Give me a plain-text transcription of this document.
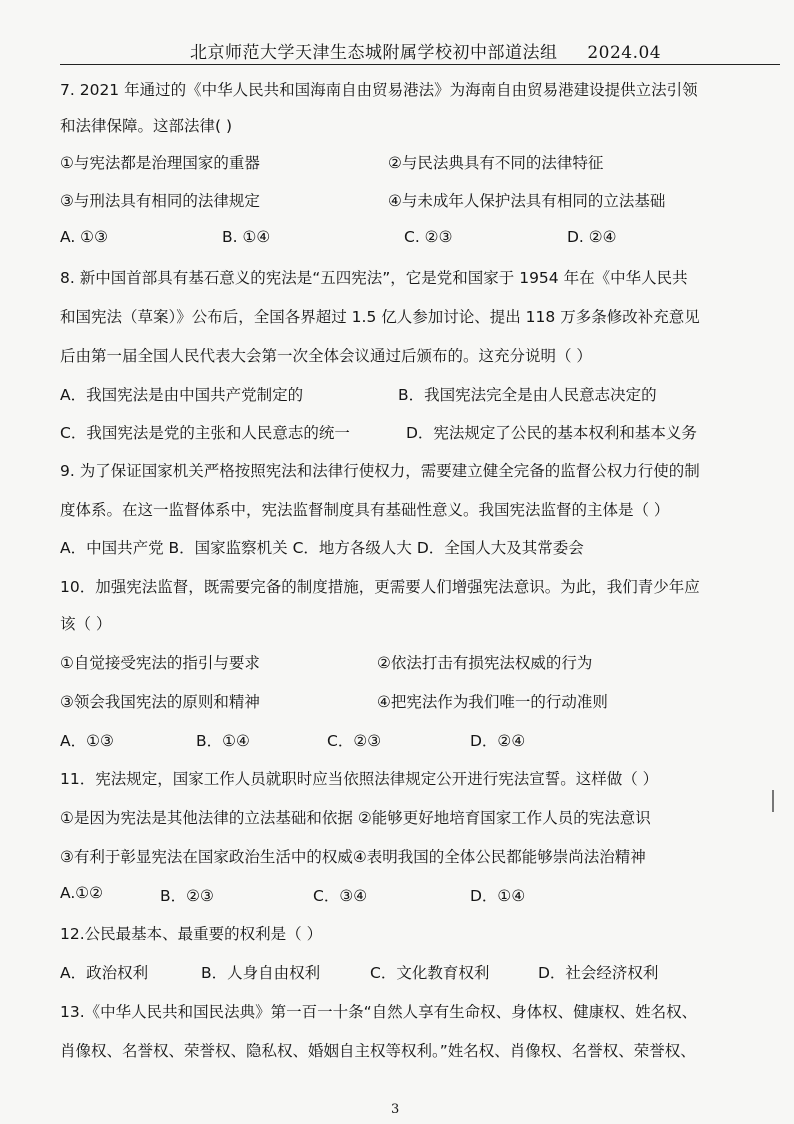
北京师范大学天津生态城附属学校初中部道法组 2024.04
7. 2021 年通过的《中华人民共和国海南自由贸易港法》为海南自由贸易港建设提供立法引领
和法律保障。这部法律( )
①与宪法都是治理国家的重器	②与民法典具有不同的法律特征
③与刑法具有相同的法律规定	④与未成年人保护法具有相同的立法基础
A. ①③	B. ①④	C. ②③	D. ②④
8. 新中国首部具有基石意义的宪法是“五四宪法”，它是党和国家于 1954 年在《中华人民共
和国宪法（草案）》公布后，全国各界超过 1.5 亿人参加讨论、提出 118 万多条修改补充意见
后由第一届全国人民代表大会第一次全体会议通过后颁布的。这充分说明（ ）
A．我国宪法是由中国共产党制定的	B．我国宪法完全是由人民意志决定的
C．我国宪法是党的主张和人民意志的统一	D．宪法规定了公民的基本权利和基本义务
9. 为了保证国家机关严格按照宪法和法律行使权力，需要建立健全完备的监督公权力行使的制
度体系。在这一监督体系中，宪法监督制度具有基础性意义。我国宪法监督的主体是（ ）
A．中国共产党 B．国家监察机关 C．地方各级人大 D．全国人大及其常委会
10．加强宪法监督，既需要完备的制度措施，更需要人们增强宪法意识。为此，我们青少年应
该（ ）
①自觉接受宪法的指引与要求	②依法打击有损宪法权威的行为
③领会我国宪法的原则和精神	④把宪法作为我们唯一的行动准则
A．①③	B．①④	C．②③	D．②④
11．宪法规定，国家工作人员就职时应当依照法律规定公开进行宪法宣誓。这样做（ ）
①是因为宪法是其他法律的立法基础和依据 ②能够更好地培育国家工作人员的宪法意识
③有利于彰显宪法在国家政治生活中的权威④表明我国的全体公民都能够崇尚法治精神
A.①②	B．②③	C．③④	D．①④
12.公民最基本、最重要的权利是（ ）
A．政治权利	B．人身自由权利	C．文化教育权利	D．社会经济权利
13.《中华人民共和国民法典》第一百一十条“自然人享有生命权、身体权、健康权、姓名权、
肖像权、名誉权、荣誉权、隐私权、婚姻自主权等权利。”姓名权、肖像权、名誉权、荣誉权、
3
